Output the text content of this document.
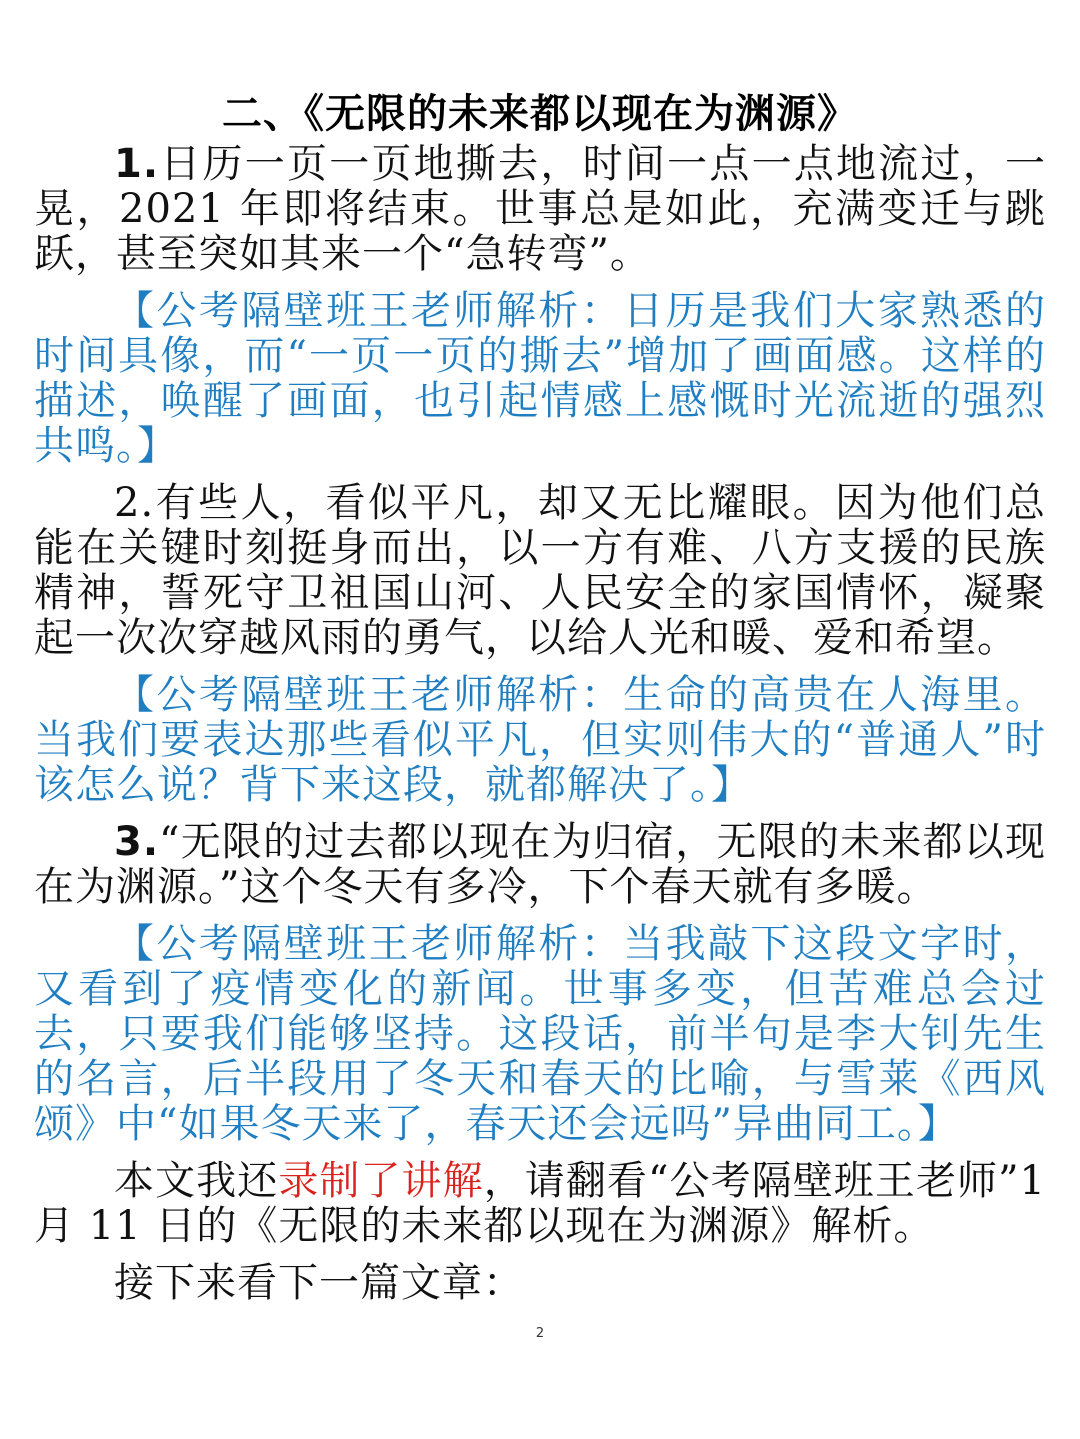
二、《无限的未来都以现在为渊源》

1.日历一页一页地撕去，时间一点一点地流过，一晃，2021 年即将结束。世事总是如此，充满变迁与跳跃，甚至突如其来一个“急转弯”。

【公考隔壁班王老师解析：日历是我们大家熟悉的时间具像，而“一页一页的撕去”增加了画面感。这样的描述，唤醒了画面，也引起情感上感慨时光流逝的强烈共鸣。】

2.有些人，看似平凡，却又无比耀眼。因为他们总能在关键时刻挺身而出，以一方有难、八方支援的民族精神，誓死守卫祖国山河、人民安全的家国情怀，凝聚起一次次穿越风雨的勇气，以给人光和暖、爱和希望。

【公考隔壁班王老师解析：生命的高贵在人海里。当我们要表达那些看似平凡，但实则伟大的“普通人”时该怎么说？背下来这段，就都解决了。】

3.“无限的过去都以现在为归宿，无限的未来都以现在为渊源。”这个冬天有多冷，下个春天就有多暖。

【公考隔壁班王老师解析：当我敲下这段文字时，又看到了疫情变化的新闻。世事多变，但苦难总会过去，只要我们能够坚持。这段话，前半句是李大钊先生的名言，后半段用了冬天和春天的比喻，与雪莱《西风颂》中“如果冬天来了，春天还会远吗”异曲同工。】

本文我还录制了讲解，请翻看“公考隔壁班王老师”1 月 11 日的《无限的未来都以现在为渊源》解析。

接下来看下一篇文章：

2
